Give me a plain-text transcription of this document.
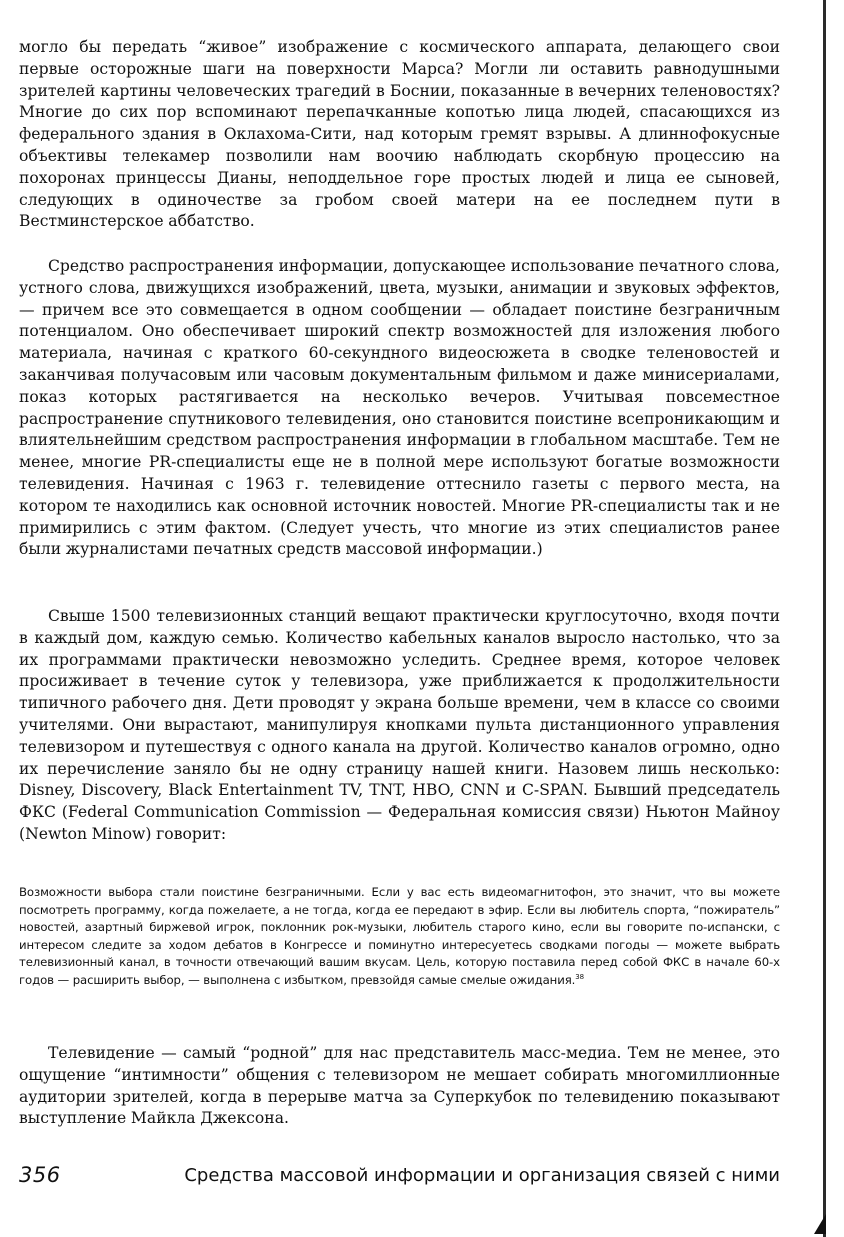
могло бы передать “живое” изображение с космического аппарата, делающего свои первые осторожные шаги на поверхности Марса? Могли ли оставить равнодушными зрителей картины человеческих трагедий в Боснии, показанные в вечерних теленовостях? Многие до сих пор вспоминают перепачканные копотью лица людей, спасающихся из федерального здания в Оклахома-Сити, над которым гремят взрывы. А длиннофокусные объективы телекамер позволили нам воочию наблюдать скорбную процессию на похоронах принцессы Дианы, неподдельное горе простых людей и лица ее сыновей, следующих в одиночестве за гробом своей матери на ее последнем пути в Вестминстерское аббатство.

Средство распространения информации, допускающее использование печатного слова, устного слова, движущихся изображений, цвета, музыки, анимации и звуковых эффектов, — причем все это совмещается в одном сообщении — обладает поистине безграничным потенциалом. Оно обеспечивает широкий спектр возможностей для изложения любого материала, начиная с краткого 60-секундного видеосюжета в сводке теленовостей и заканчивая получасовым или часовым документальным фильмом и даже минисериалами, показ которых растягивается на несколько вечеров. Учитывая повсеместное распространение спутникового телевидения, оно становится поистине всепроникающим и влиятельнейшим средством распространения информации в глобальном масштабе. Тем не менее, многие PR-специалисты еще не в полной мере используют богатые возможности телевидения. Начиная с 1963 г. телевидение оттеснило газеты с первого места, на котором те находились как основной источник новостей. Многие PR-специалисты так и не примирились с этим фактом. (Следует учесть, что многие из этих специалистов ранее были журналистами печатных средств массовой информации.)

Свыше 1500 телевизионных станций вещают практически круглосуточно, входя почти в каждый дом, каждую семью. Количество кабельных каналов выросло настолько, что за их программами практически невозможно уследить. Среднее время, которое человек просиживает в течение суток у телевизора, уже приближается к продолжительности типичного рабочего дня. Дети проводят у экрана больше времени, чем в классе со своими учителями. Они вырастают, манипулируя кнопками пульта дистанционного управления телевизором и путешествуя с одного канала на другой. Количество каналов огромно, одно их перечисление заняло бы не одну страницу нашей книги. Назовем лишь несколько: Disney, Discovery, Black Entertainment TV, TNT, HBO, CNN и C-SPAN. Бывший председатель ФКС (Federal Communication Commission — Федеральная комиссия связи) Ньютон Майноу (Newton Minow) говорит:

Возможности выбора стали поистине безграничными. Если у вас есть видеомагнитофон, это значит, что вы можете посмотреть программу, когда пожелаете, а не тогда, когда ее передают в эфир. Если вы любитель спорта, “пожиратель” новостей, азартный биржевой игрок, поклонник рок-музыки, любитель старого кино, если вы говорите по-испански, с интересом следите за ходом дебатов в Конгрессе и поминутно интересуетесь сводками погоды — можете выбрать телевизионный канал, в точности отвечающий вашим вкусам. Цель, которую поставила перед собой ФКС в начале 60-х годов — расширить выбор, — выполнена с избытком, превзойдя самые смелые ожидания.$^{38}$

Телевидение — самый “родной” для нас представитель масс-медиа. Тем не менее, это ощущение “интимности” общения с телевизором не мешает собирать многомиллионные аудитории зрителей, когда в перерыве матча за Суперкубок по телевидению показывают выступление Майкла Джексона.

356	Средства массовой информации и организация связей с ними
